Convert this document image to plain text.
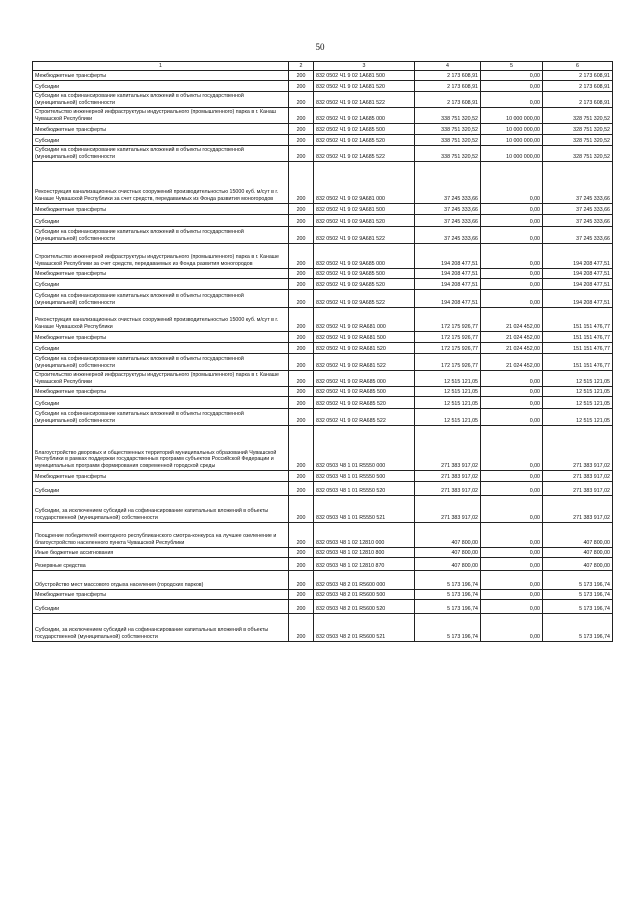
50
1	2	3	4	5	6
Межбюджетные трансферты	200	832 0502 Ч1 9 02 1А681 500	2 173 608,91	0,00	2 173 608,91
Субсидии	200	832 0502 Ч1 9 02 1А681 520	2 173 608,91	0,00	2 173 608,91
Субсидии на софинансирование капитальных вложений в объекты государственной (муниципальной) собственности	200	832 0502 Ч1 9 02 1А681 522	2 173 608,91	0,00	2 173 608,91
Строительство инженерной инфраструктуры индустриального (промышленного) парка в г. Канаш Чувашской Республики	200	832 0502 Ч1 9 02 1А685 000	338 751 320,52	10 000 000,00	328 751 320,52
Межбюджетные трансферты	200	832 0502 Ч1 9 02 1А685 500	338 751 320,52	10 000 000,00	328 751 320,52
Субсидии	200	832 0502 Ч1 9 02 1А685 520	338 751 320,52	10 000 000,00	328 751 320,52
Субсидии на софинансирование капитальных вложений в объекты государственной (муниципальной) собственности	200	832 0502 Ч1 9 02 1А685 522	338 751 320,52	10 000 000,00	328 751 320,52
Реконструкция канализационных очистных сооружений производительностью 15000 куб. м/сут в г. Канаше Чувашской Республики за счет средств, передаваемых из Фонда развития моногородов	200	832 0502 Ч1 9 02 9А681 000	37 245 333,66	0,00	37 245 333,66
Межбюджетные трансферты	200	832 0502 Ч1 9 02 9А681 500	37 245 333,66	0,00	37 245 333,66
Субсидии	200	832 0502 Ч1 9 02 9А681 520	37 245 333,66	0,00	37 245 333,66
Субсидии на софинансирование капитальных вложений в объекты государственной (муниципальной) собственности	200	832 0502 Ч1 9 02 9А681 522	37 245 333,66	0,00	37 245 333,66
Строительство инженерной инфраструктуры индустриального (промышленного) парка в г. Канаше Чувашской Республики за счет средств, передаваемых из Фонда развития моногородов	200	832 0502 Ч1 9 02 9А685 000	194 208 477,51	0,00	194 208 477,51
Межбюджетные трансферты	200	832 0502 Ч1 9 02 9А685 500	194 208 477,51	0,00	194 208 477,51
Субсидии	200	832 0502 Ч1 9 02 9А685 520	194 208 477,51	0,00	194 208 477,51
Субсидии на софинансирование капитальных вложений в объекты государственной (муниципальной) собственности	200	832 0502 Ч1 9 02 9А685 522	194 208 477,51	0,00	194 208 477,51
Реконструкция канализационных очистных сооружений производительностью 15000 куб. м/сут в г. Канаше Чувашской Республики	200	832 0502 Ч1 9 02 RА681 000	172 175 926,77	21 024 452,00	151 151 476,77
Межбюджетные трансферты	200	832 0502 Ч1 9 02 RА681 500	172 175 926,77	21 024 452,00	151 151 476,77
Субсидии	200	832 0502 Ч1 9 02 RА681 520	172 175 926,77	21 024 452,00	151 151 476,77
Субсидии на софинансирование капитальных вложений в объекты государственной (муниципальной) собственности	200	832 0502 Ч1 9 02 RА681 522	172 175 926,77	21 024 452,00	151 151 476,77
Строительство инженерной инфраструктуры индустриального (промышленного) парка в г. Канаше Чувашской Республики	200	832 0502 Ч1 9 02 RА685 000	12 515 121,05	0,00	12 515 121,05
Межбюджетные трансферты	200	832 0502 Ч1 9 02 RА685 500	12 515 121,05	0,00	12 515 121,05
Субсидии	200	832 0502 Ч1 9 02 RА685 520	12 515 121,05	0,00	12 515 121,05
Субсидии на софинансирование капитальных вложений в объекты государственной (муниципальной) собственности	200	832 0502 Ч1 9 02 RА685 522	12 515 121,05	0,00	12 515 121,05
Благоустройство дворовых и общественных территорий муниципальных образований Чувашской Республики в рамках поддержки государственных программ субъектов Российской Федерации и муниципальных программ формирования современной городской среды	200	832 0503 Ч8 1 01 R5550 000	271 383 917,02	0,00	271 383 917,02
Межбюджетные трансферты	200	832 0503 Ч8 1 01 R5550 500	271 383 917,02	0,00	271 383 917,02
Субсидии	200	832 0503 Ч8 1 01 R5550 520	271 383 917,02	0,00	271 383 917,02
Субсидии, за исключением субсидий на софинансирование капитальных вложений в объекты государственной (муниципальной) собственности	200	832 0503 Ч8 1 01 R5550 521	271 383 917,02	0,00	271 383 917,02
Поощрение победителей ежегодного республиканского смотра-конкурса на лучшее озеленение и благоустройство населенного пункта Чувашской Республики	200	832 0503 Ч8 1 02 12810 000	407 800,00	0,00	407 800,00
Иные бюджетные ассигнования	200	832 0503 Ч8 1 02 12810 800	407 800,00	0,00	407 800,00
Резервные средства	200	832 0503 Ч8 1 02 12810 870	407 800,00	0,00	407 800,00
Обустройство мест массового отдыха населения (городских парков)	200	832 0503 Ч8 2 01 R5600 000	5 173 196,74	0,00	5 173 196,74
Межбюджетные трансферты	200	832 0503 Ч8 2 01 R5600 500	5 173 196,74	0,00	5 173 196,74
Субсидии	200	832 0503 Ч8 2 01 R5600 520	5 173 196,74	0,00	5 173 196,74
Субсидии, за исключением субсидий на софинансирование капитальных вложений в объекты государственной (муниципальной) собственности	200	832 0503 Ч8 2 01 R5600 521	5 173 196,74	0,00	5 173 196,74
